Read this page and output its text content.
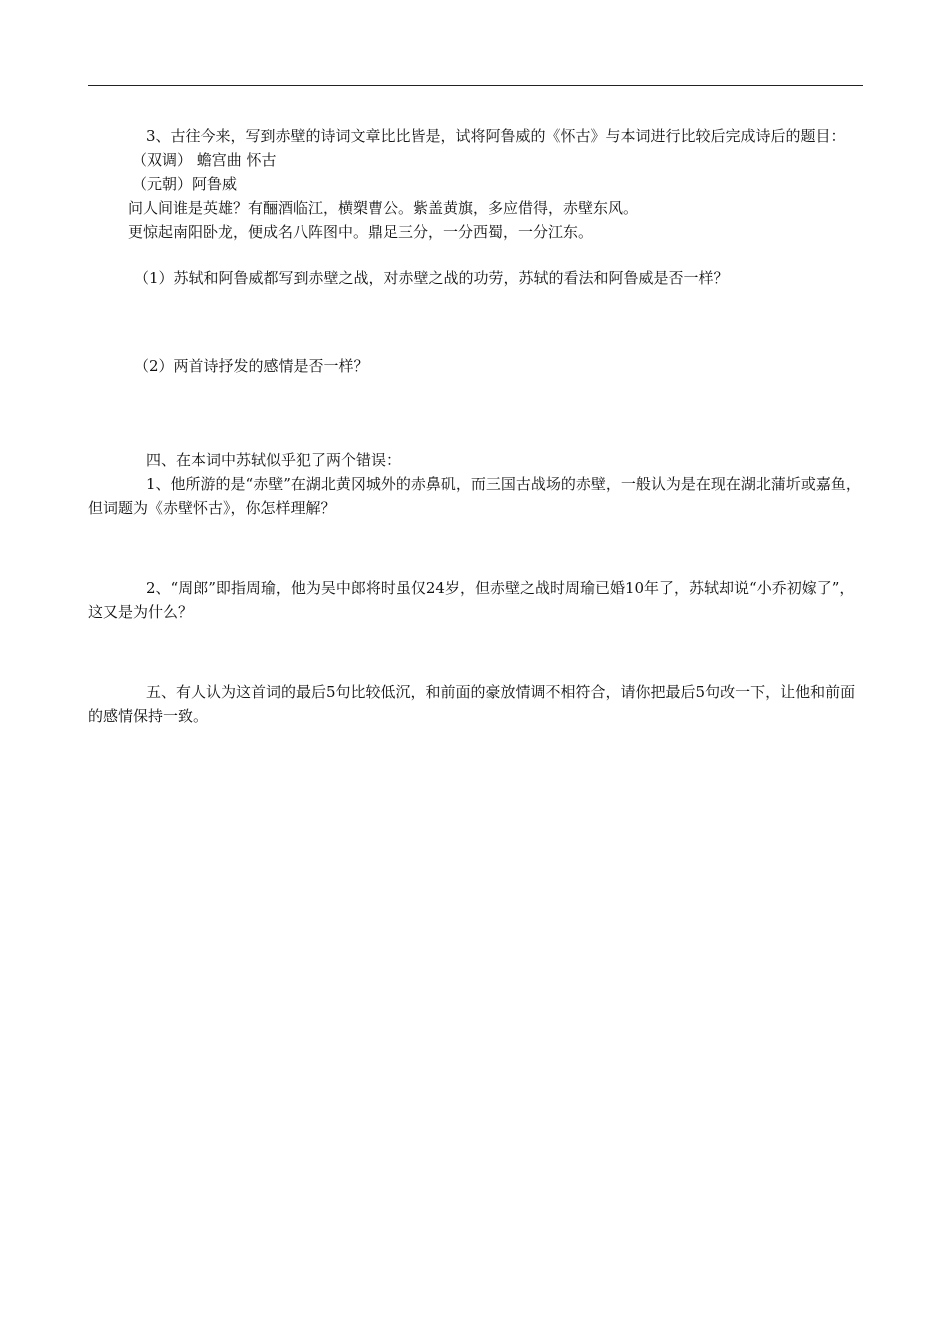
3、古往今来，写到赤壁的诗词文章比比皆是，试将阿鲁威的《怀古》与本词进行比较后完成诗后的题目：

（双调） 蟾宫曲 怀古

（元朝）阿鲁威

问人间谁是英雄？有酾酒临江，横槊曹公。紫盖黄旗，多应借得，赤壁东风。

更惊起南阳卧龙，便成名八阵图中。鼎足三分，一分西蜀，一分江东。

（1）苏轼和阿鲁威都写到赤壁之战，对赤壁之战的功劳，苏轼的看法和阿鲁威是否一样？

（2）两首诗抒发的感情是否一样？

四、在本词中苏轼似乎犯了两个错误：

1、他所游的是“赤壁”在湖北黄冈城外的赤鼻矶，而三国古战场的赤壁，一般认为是在现在湖北蒲圻或嘉鱼，但词题为《赤壁怀古》，你怎样理解？

2、“周郎”即指周瑜，他为吴中郎将时虽仅24岁，但赤壁之战时周瑜已婚10年了，苏轼却说“小乔初嫁了”，这又是为什么？

五、有人认为这首词的最后5句比较低沉，和前面的豪放情调不相符合，请你把最后5句改一下，让他和前面的感情保持一致。
